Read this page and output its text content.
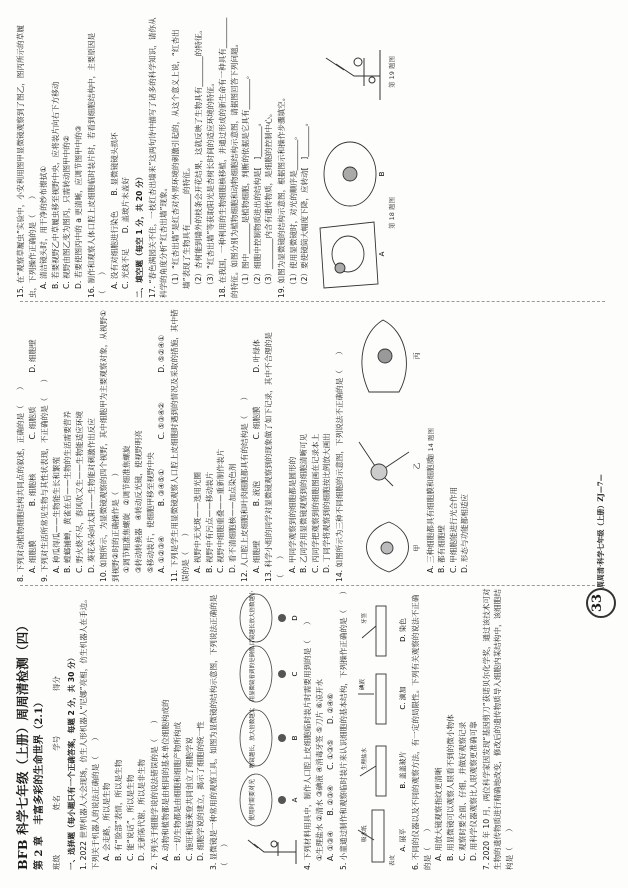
BFB 科学七年级（上册）周周清检测（四） 第 2 章 丰富多彩的生命世界（2.1）
班级 姓名 学号 得分 一、选择题（每小题只有一个正确答案，每题 2 分，共 30 分） 1. 2022 世界机器人大会现场，仿生人形机器人“尼娜”亮相，仿生机器人在手边。下列关于机器人的说法正确的是（　　） A. 会走路，所以是生物 B. 有“脸部”表情，所以是生物 C. 能“说话”，所以是生物 D. 无新陈代谢，所以是非生物 2. 下列关于细胞学说的说法错误的是（　　） A. 动物和植物都是由相同的基本单位细胞构成的 B. 一切生物都是由细胞和细胞产物所构成 C. 施旺和施莱登共同创立了细胞学说 D. 细胞学说的建立，揭示了细胞的统一性 3. 显微镜是一种常用的观察工具。如图为显微镜的结构示意图，下列说法正确的是（　　）
使用时需要对光
物镜越长，放大倍数越大
用显微镜看到的是倒像
目镜越长放大倍数越小
A
B
C
D 4. 下列材料用具中，制作人口腔上皮细胞临时装片时需要用到的是（　　） ①生理盐水 ②清水 ③碘液 ④消毒牙签 ⑤刀片 ⑥凉开水 A. ①③④　　B. ②③④　　C. ①③⑤　　D. ②④⑥ 5. 小童通过制作和观察临时装片来认识细胞的基本结构，下列操作正确的是（　　）	吸水纸
生理盐水
碘液
表皮
牙签
A. 展平
B. 盖盖玻片
C. 滴加
D. 染色 6. 不同的仪器以及不同的观察方法，有一定的局限性。下列有关观察的说法不正确的是（　　） A. 用放大镜观察指纹更清晰 B. 用显微镜可以观察人眼看不到的微小物体 C. 观察时要全面、仔细，并做好观察记录 D. 用科学仪器观察比人眼观察更准确可靠 7. 2020 年 10 月，两位科学家因发现“基因剪刀”获诺贝尔化学奖，通过该技术可对生物的遗传物质进行精确地改变，修改后的遗传物质导入细胞内某结构中，该细胞结构是（　　）
8. 下列对动植物细胞结构共同点的叙述，正确的是（　　） A. 细胞膜
B. 细胞核
C. 细胞质
D. 细胞壁
9. 下列对生活所常见生物与其性状表现，不正确的是（　　） A. 种瓜得瓜——生物能生长和繁殖 B. 螳螂捕蝉，黄雀在后——生物的生活需要营养 C. 野火烧不尽，春风吹又生——生物能适应环境 D. 葵花朵朵向太阳——生物能对刺激作出反应 10. 如图所示，为显微镜观察的四个视野，其中细胞甲为主要观察对象，从视野①到视野②时的正确操作是（　　） ①调节粗准焦螺旋　②调节细准焦螺旋 ③转动转换器　④转动反光镜，使视野明亮 ⑤移动装片，使细胞甲移至视野中央 A. ①②③④
B. ③④⑤①
C. ⑤③④②
D. ⑤②④① 11. 下列是学生用显微镜观察人口腔上皮细胞时遇到的情况及采取的措施，其中错误的是（　　） A. 视野中无光斑——选用光圈 B. 视野中有污点——移动装片 C. 视野中细胞重叠——重新制作装片 D. 看不清细胞核——加点染色剂 12. 人口腔上皮细胞和叶肉细胞都具有的结构是（　　） A. 细胞壁
B. 液泡
C. 细胞膜
D. 叶绿体 13. 科学小组的同学对显微镜观察到的现象做了如下记录，其中不合理的是（　　） A. 甲同学观察到的细胞都是圆形的 B. 乙同学用显微镜观察到的细胞清晰可见 C. 丙同学把观察到的细胞图画在记录本上 D. 丁同学将观察到的细胞按比例放大画出 14. 如图所示为三种不同细胞的示意图，下列说法不正确的是（　　）	甲
乙
丙
第 14 题图
A. 三种细胞都具有细胞膜和细胞质 B. 都有细胞壁 C. 甲细胞能进行光合作用 D. 形态与功能都相适应
15. 在“观察草履虫”实验中，小安利用图甲显微镜观察到了图乙，图丙所示的草履虫，下列操作正确的是（　　） A. 清洁镜头时，用干净的纱布擦拭① B. 若要视野乙中草履虫移至视野中央，应将装片向右下方移动 C. 视野由图乙变为图丙，只需转动图甲中的② D. 若要使图丙中的 a 更清晰，应调节图甲中的③ 16. 制作和观察人体口腔上皮细胞临时装片时，若看到细胞结构中，主要原因是（　　） A. 没有对细胞进行染色　　B. 显微镜镜头损坏 C. 光线不足　　D. 盖玻片未盖好 二、填空题（每空 1 分，共 20 分） 17. “春色满园关不住，一枝红杏出墙来”这两句诗中描写了诸多的科学知识，请你从科学的角度分析“红杏出墙”现象。 （1）“红杏出墙”是红杏对外界环境的刺激引起的，从这个意义上说，“红杏出墙”表现了生物具有________的特征。 （2）杏树能到墙外的枝条会开花结果，这就反映了生物具有________的特征。 （3）“红杏出墙”等获取阳光是杏树长时间的适应环境的特征。 18. 在我国，一种利用的生物细胞核移植，并通过形成的新生命有一种具有________的特征。如图分别为植物细胞和动物细胞结构示意图，请据图回答下列问题。 （1）图中________是植物细胞，判断的依据是它具有________。 （2）细胞中控制物质进出的结构是[　]________。 （3）________内含有遗传物质，是细胞的控制中心。 19. 如图为显微镜的结构示意图，根据图示和操作步骤填空。 （1）使用显微镜时，对光的顺序是________。 （2）要使镜筒大幅度下降，应转动[　]________。	A
B
第 18 题图
第 19 题图
33
周周清·科学七年级（上册）ZJ—7—
